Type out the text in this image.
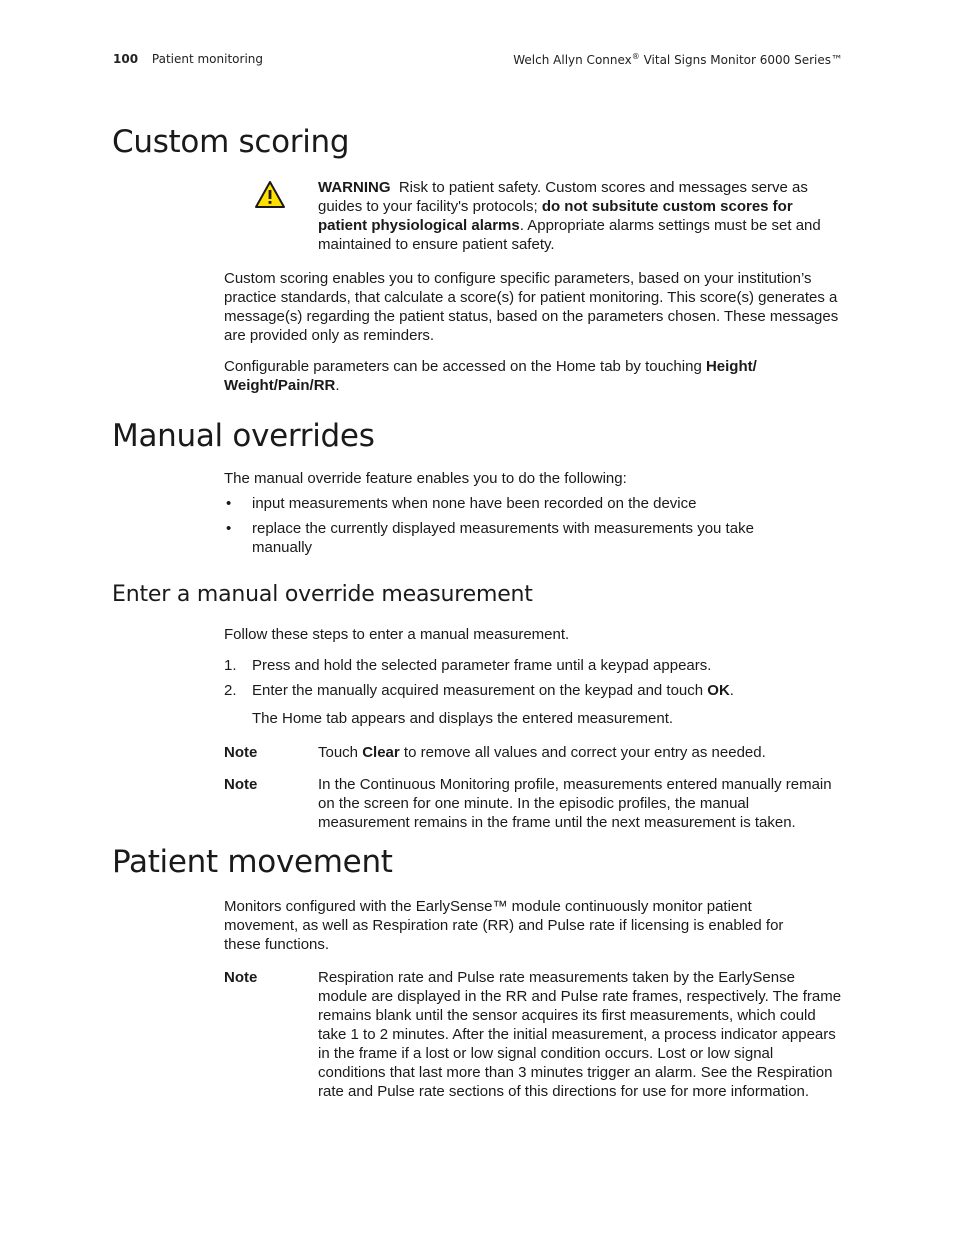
100 Patient monitoring	Welch Allyn Connex® Vital Signs Monitor 6000 Series™
Custom scoring

WARNING  Risk to patient safety. Custom scores and messages serve as guides to your facility's protocols; do not subsitute custom scores for patient physiological alarms. Appropriate alarms settings must be set and maintained to ensure patient safety.

Custom scoring enables you to configure specific parameters, based on your institution’s practice standards, that calculate a score(s) for patient monitoring. This score(s) generates a message(s) regarding the patient status, based on the parameters chosen. These messages are provided only as reminders.

Configurable parameters can be accessed on the Home tab by touching Height/ Weight/Pain/RR.

Manual overrides

The manual override feature enables you to do the following:

• input measurements when none have been recorded on the device

• replace the currently displayed measurements with measurements you take manually

Enter a manual override measurement

Follow these steps to enter a manual measurement.

1. Press and hold the selected parameter frame until a keypad appears.

2. Enter the manually acquired measurement on the keypad and touch OK.

The Home tab appears and displays the entered measurement.

Note	Touch Clear to remove all values and correct your entry as needed.

Note	In the Continuous Monitoring profile, measurements entered manually remain on the screen for one minute. In the episodic profiles, the manual measurement remains in the frame until the next measurement is taken.

Patient movement

Monitors configured with the EarlySense™ module continuously monitor patient movement, as well as Respiration rate (RR) and Pulse rate if licensing is enabled for these functions.

Note	Respiration rate and Pulse rate measurements taken by the EarlySense module are displayed in the RR and Pulse rate frames, respectively. The frame remains blank until the sensor acquires its first measurements, which could take 1 to 2 minutes. After the initial measurement, a process indicator appears in the frame if a lost or low signal condition occurs. Lost or low signal conditions that last more than 3 minutes trigger an alarm. See the Respiration rate and Pulse rate sections of this directions for use for more information.
